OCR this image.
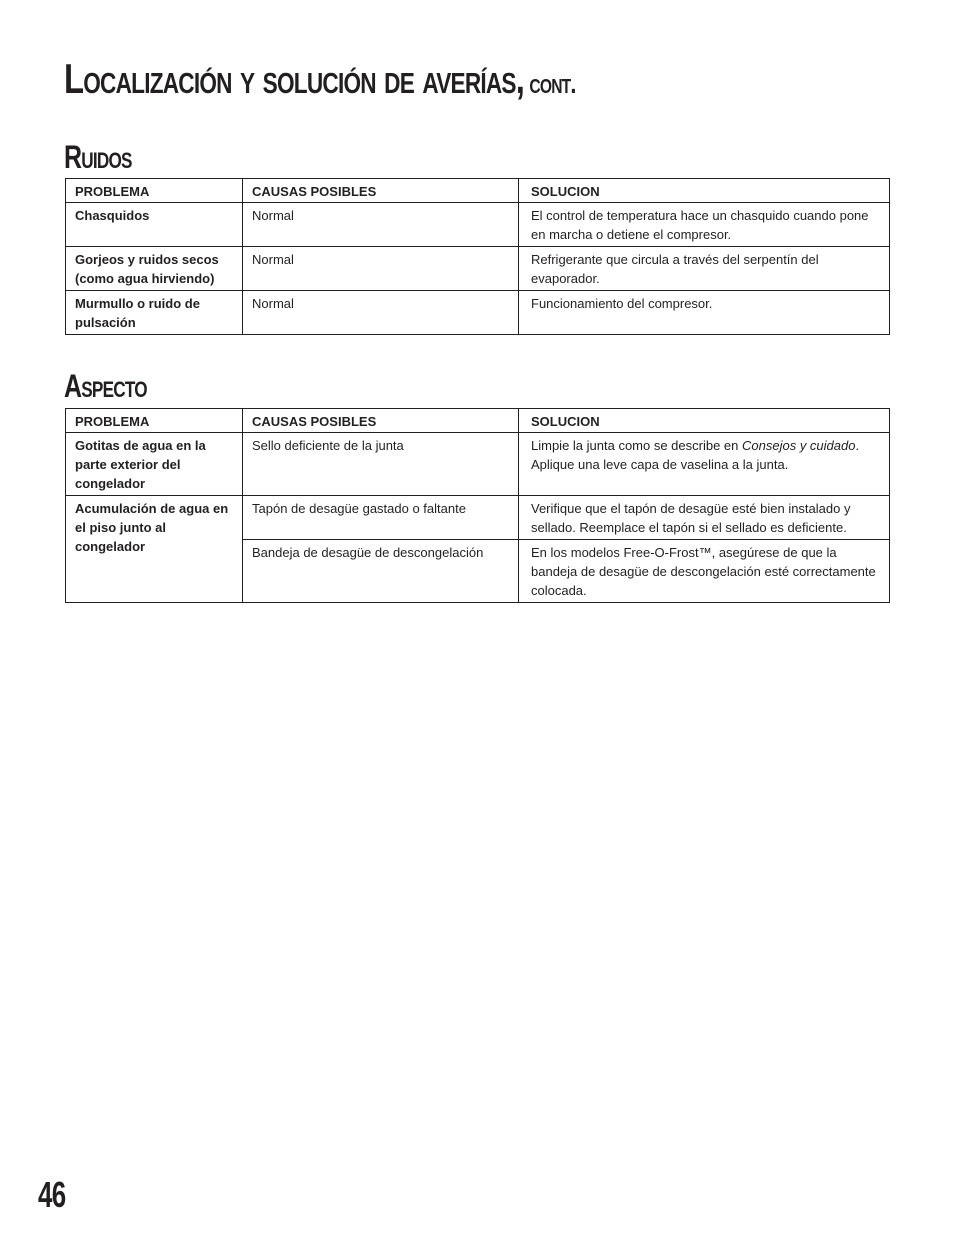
Localización y solución de averías, cont.
Ruidos
PROBLEMA	CAUSAS POSIBLES	SOLUCION
Chasquidos	Normal	El control de temperatura hace un chasquido cuando pone en marcha o detiene el compresor.
Gorjeos y ruidos secos (como agua hirviendo)	Normal	Refrigerante que circula a través del serpentín del evaporador.
Murmullo o ruido de pulsación	Normal	Funcionamiento del compresor.
Aspecto
PROBLEMA	CAUSAS POSIBLES	SOLUCION
Gotitas de agua en la parte exterior del congelador	Sello deficiente de la junta	Limpie la junta como se describe en Consejos y cuidado. Aplique una leve capa de vaselina a la junta.
Acumulación de agua en el piso junto al congelador	Tapón de desagüe gastado o faltante	Verifique que el tapón de desagüe esté bien instalado y sellado. Reemplace el tapón si el sellado es deficiente.
	Bandeja de desagüe de descongelación	En los modelos Free-O-Frost™, asegúrese de que la bandeja de desagüe de descongelación esté correctamente colocada.
46
